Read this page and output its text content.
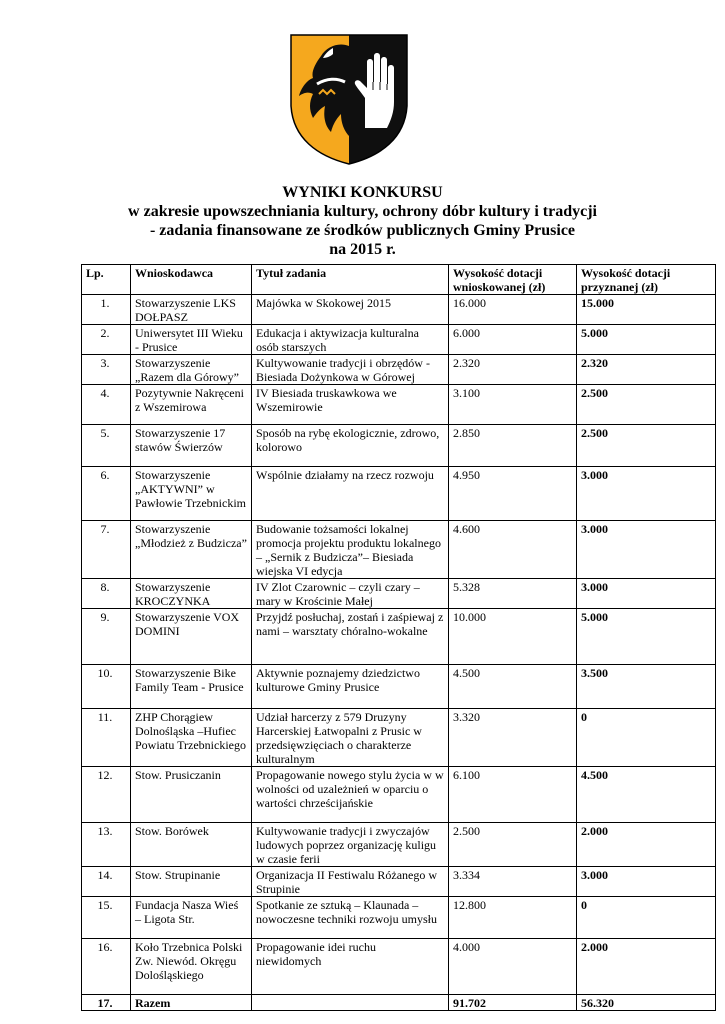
WYNIKI KONKURSU
w zakresie upowszechniania kultury, ochrony dóbr kultury i tradycji
- zadania finansowane ze środków publicznych Gminy Prusice
na 2015 r.
Lp.	Wnioskodawca	Tytuł zadania	Wysokość dotacji wnioskowanej (zł)	Wysokość dotacji przyznanej (zł)
1.	Stowarzyszenie LKS DOŁPASZ	Majówka w Skokowej 2015	16.000	15.000
2.	Uniwersytet III Wieku - Prusice	Edukacja i aktywizacja kulturalna osób starszych	6.000	5.000
3.	Stowarzyszenie „Razem dla Górowy”	Kultywowanie tradycji i obrzędów - Biesiada Dożynkowa w Górowej	2.320	2.320
4.	Pozytywnie Nakręceni z Wszemirowa	IV Biesiada truskawkowa we Wszemirowie	3.100	2.500
5.	Stowarzyszenie 17 stawów Świerzów	Sposób na rybę ekologicznie, zdrowo, kolorowo	2.850	2.500
6.	Stowarzyszenie „AKTYWNI” w Pawłowie Trzebnickim	Wspólnie działamy na rzecz rozwoju	4.950	3.000
7.	Stowarzyszenie „Młodzież z Budzicza”	Budowanie tożsamości lokalnej promocja projektu produktu lokalnego – „Sernik z Budzicza”– Biesiada wiejska VI edycja	4.600	3.000
8.	Stowarzyszenie KROCZYNKA	IV Zlot Czarownic – czyli czary – mary w Krościnie Małej	5.328	3.000
9.	Stowarzyszenie VOX DOMINI	Przyjdź posłuchaj, zostań i zaśpiewaj z nami – warsztaty chóralno-wokalne	10.000	5.000
10.	Stowarzyszenie Bike Family Team - Prusice	Aktywnie poznajemy dziedzictwo kulturowe Gminy Prusice	4.500	3.500
11.	ZHP Chorągiew Dolnośląska –Hufiec Powiatu Trzebnickiego	Udział harcerzy z 579 Druzyny Harcerskiej Łatwopalni z Prusic w przedsięwzięciach o charakterze kulturalnym	3.320	0
12.	Stow. Prusiczanin	Propagowanie nowego stylu życia w w wolności od uzależnień w oparciu o wartości chrześcijańskie	6.100	4.500
13.	Stow. Borówek	Kultywowanie tradycji i zwyczajów ludowych poprzez organizację kuligu w czasie ferii	2.500	2.000
14.	Stow. Strupinanie	Organizacja II Festiwalu Różanego w Strupinie	3.334	3.000
15.	Fundacja Nasza Wieś – Ligota Str.	Spotkanie ze sztuką – Klaunada – nowoczesne techniki rozwoju umysłu	12.800	0
16.	Koło Trzebnica Polski Zw. Niewód. Okręgu Dolośląskiego	Propagowanie idei ruchu niewidomych	4.000	2.000
17.	Razem		91.702	56.320
